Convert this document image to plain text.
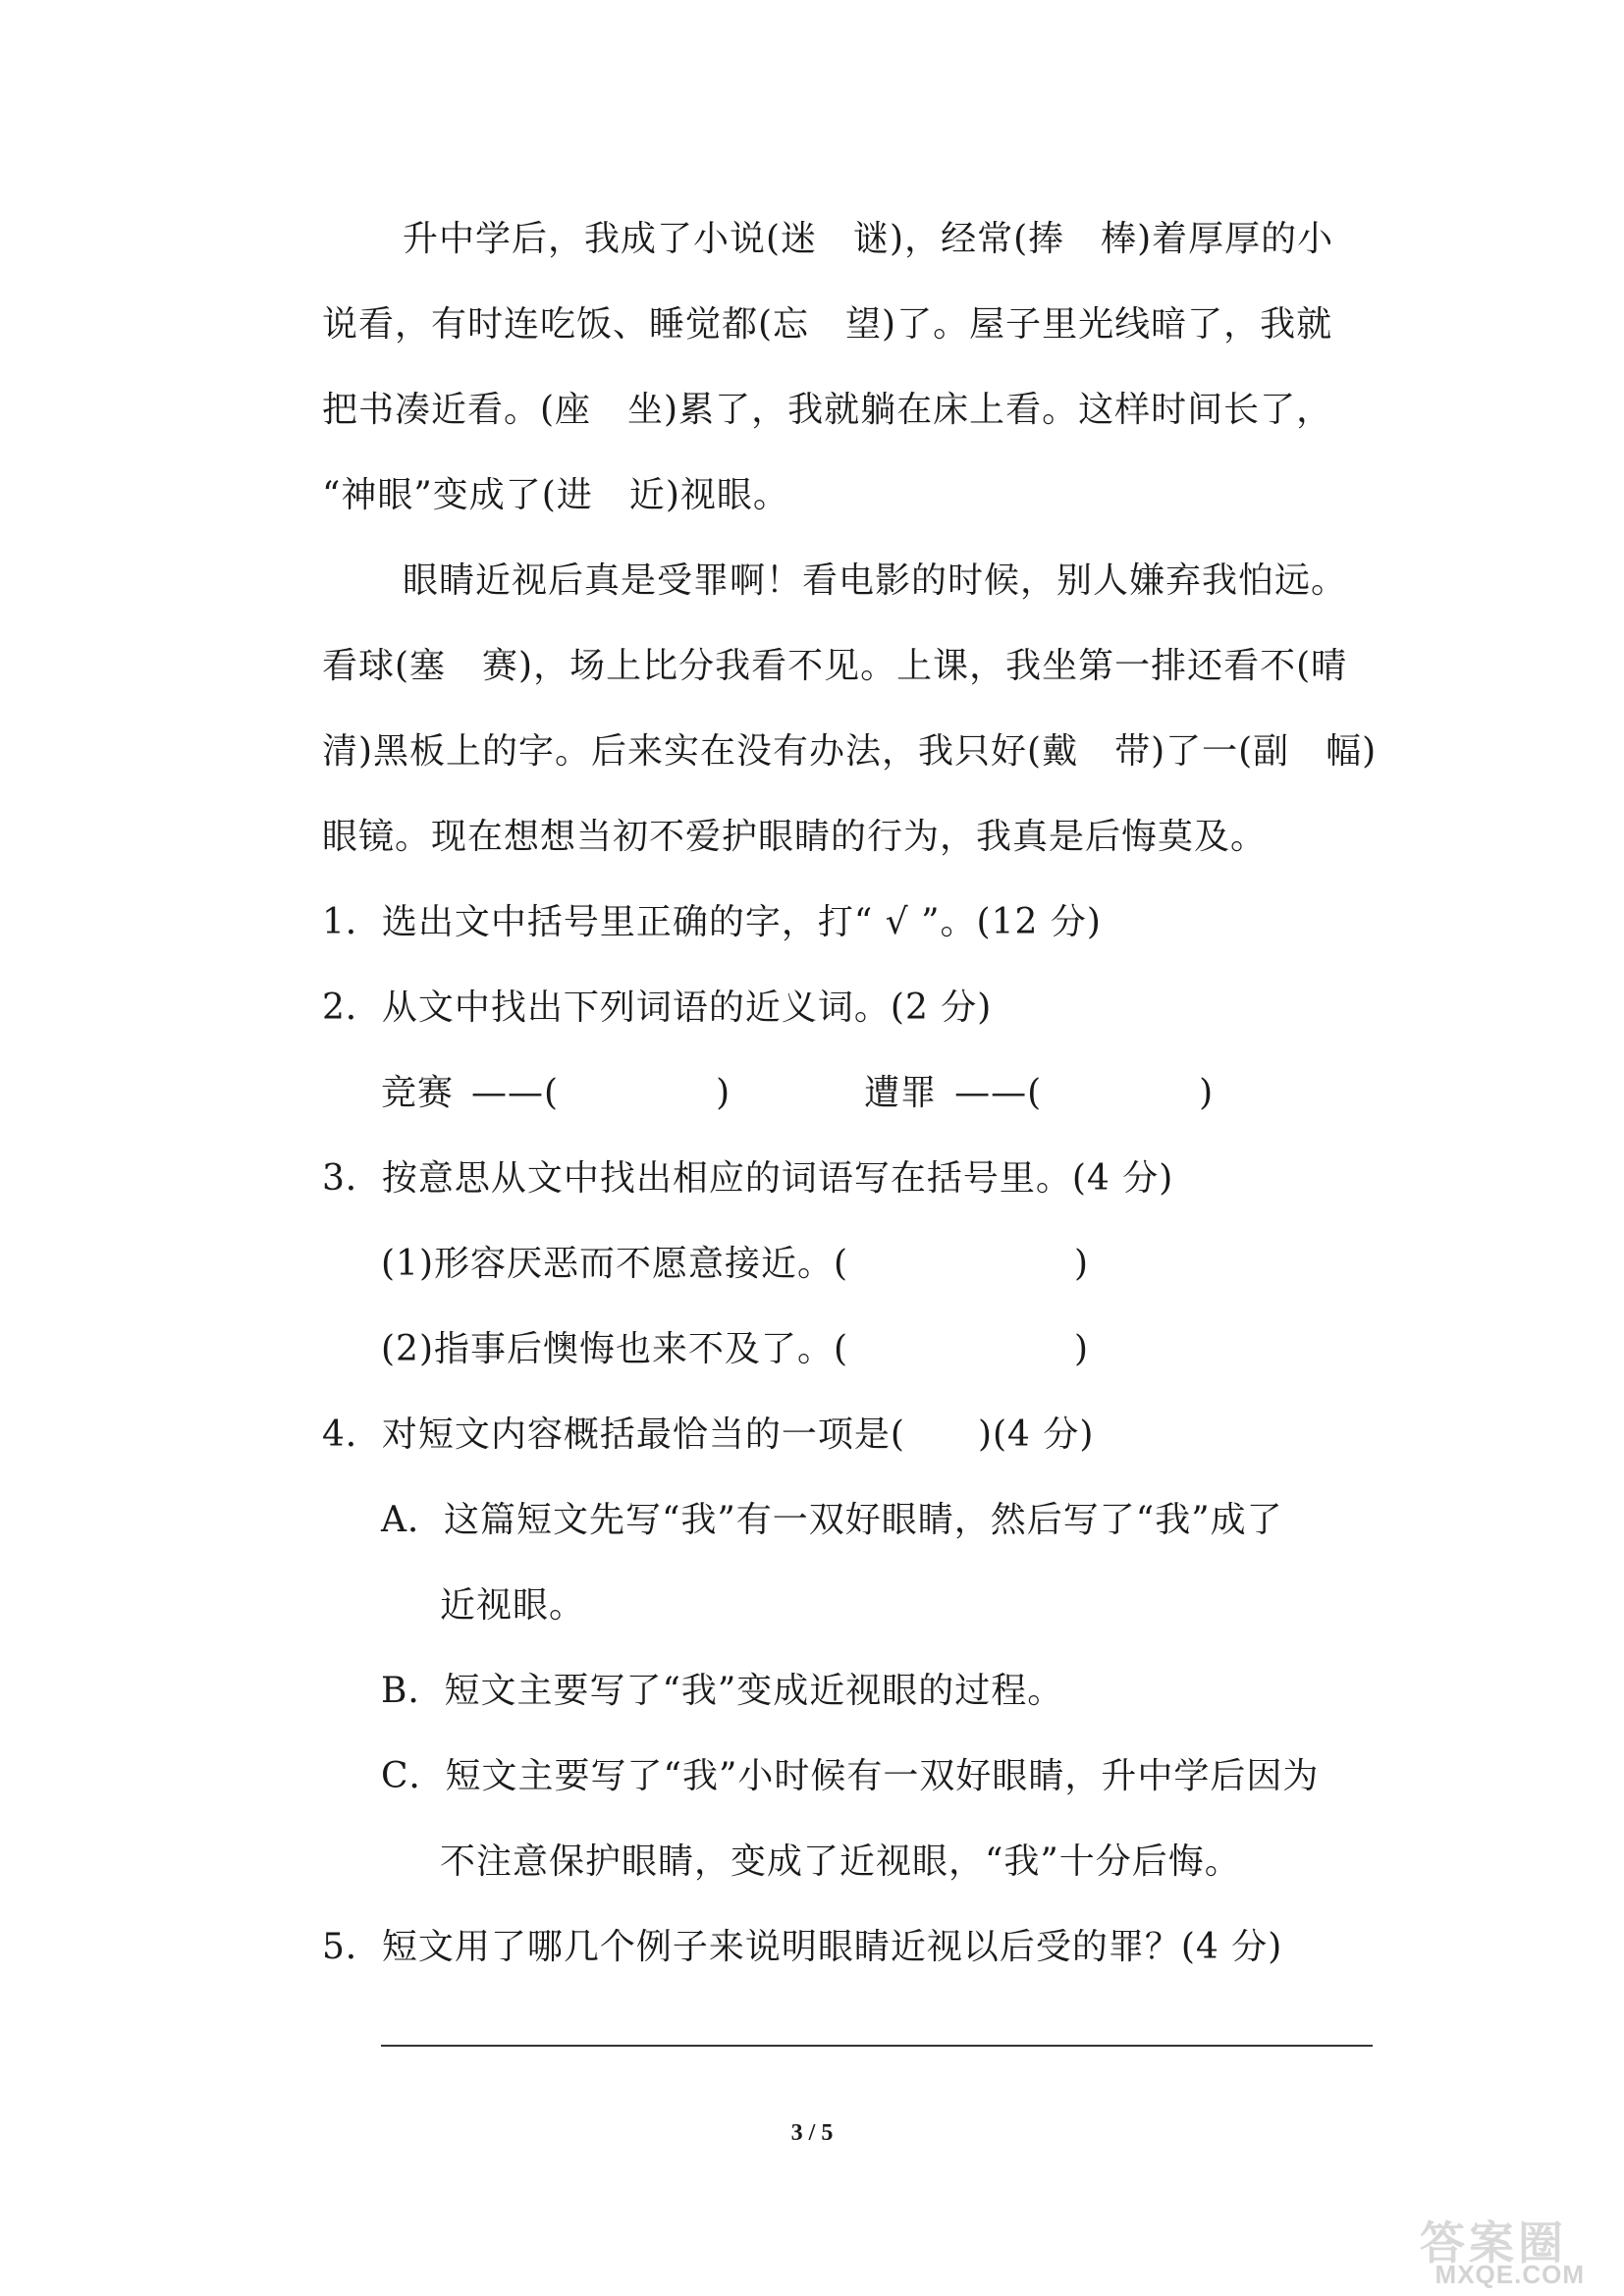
升中学后，我成了小说(迷　谜)，经常(捧　棒)着厚厚的小
说看，有时连吃饭、睡觉都(忘　望)了。屋子里光线暗了，我就
把书凑近看。(座　坐)累了，我就躺在床上看。这样时间长了，
“神眼”变成了(进　近)视眼。
眼睛近视后真是受罪啊！看电影的时候，别人嫌弃我怕远。
看球(塞　赛)，场上比分我看不见。上课，我坐第一排还看不(晴
清)黑板上的字。后来实在没有办法，我只好(戴　带)了一(副　幅)
眼镜。现在想想当初不爱护眼睛的行为，我真是后悔莫及。
1．选出文中括号里正确的字，打“ √ ”。(12 分)
2．从文中找出下列词语的近义词。(2 分)
竞赛 ——(	)	遭罪 ——(	)
3．按意思从文中找出相应的词语写在括号里。(4 分)
(1)形容厌恶而不愿意接近。(	)
(2)指事后懊悔也来不及了。(	)
4．对短文内容概括最恰当的一项是(　　)(4 分)
A．这篇短文先写“我”有一双好眼睛，然后写了“我”成了
近视眼。
B．短文主要写了“我”变成近视眼的过程。
C．短文主要写了“我”小时候有一双好眼睛，升中学后因为
不注意保护眼睛，变成了近视眼，“我”十分后悔。
5．短文用了哪几个例子来说明眼睛近视以后受的罪？(4 分)
3 / 5
答案圈
MXQE.COM
